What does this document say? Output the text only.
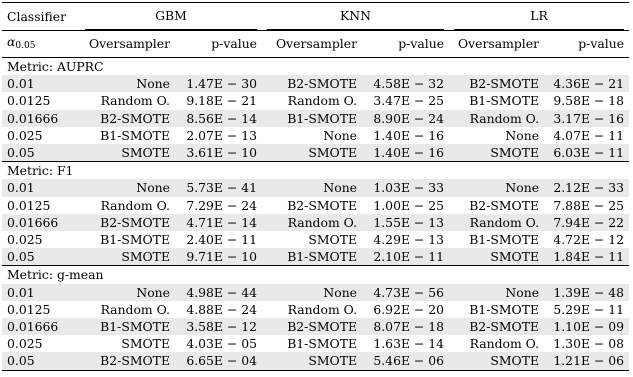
Classifier	GBM		KNN		LR	

$\alpha_{0.05}$	Oversampler	p-value	Oversampler	p-value	Oversampler	p-value
Metric: AUPRC						
0.01	None	1.47E − 30	B2-SMOTE	4.58E − 32	B2-SMOTE	4.36E − 21
0.0125	Random O.	9.18E − 21	Random O.	3.47E − 25	B1-SMOTE	9.58E − 18
0.01666	B2-SMOTE	8.56E − 14	B1-SMOTE	8.90E − 24	Random O.	3.17E − 16
0.025	B1-SMOTE	2.07E − 13	None	1.40E − 16	None	4.07E − 11
0.05	SMOTE	3.61E − 10	SMOTE	1.40E − 16	SMOTE	6.03E − 11
Metric: F1						
0.01	None	5.73E − 41	None	1.03E − 33	None	2.12E − 33
0.0125	Random O.	7.29E − 24	B2-SMOTE	1.00E − 25	B2-SMOTE	7.88E − 25
0.01666	B2-SMOTE	4.71E − 14	Random O.	1.55E − 13	Random O.	7.94E − 22
0.025	B1-SMOTE	2.40E − 11	SMOTE	4.29E − 13	B1-SMOTE	4.72E − 12
0.05	SMOTE	9.71E − 10	B1-SMOTE	2.10E − 11	SMOTE	1.84E − 11
Metric: g-mean						
0.01	None	4.98E − 44	None	4.73E − 56	None	1.39E − 48
0.0125	Random O.	4.88E − 24	Random O.	6.92E − 20	B1-SMOTE	5.29E − 11
0.01666	B1-SMOTE	3.58E − 12	B2-SMOTE	8.07E − 18	B2-SMOTE	1.10E − 09
0.025	SMOTE	4.03E − 05	B1-SMOTE	1.63E − 14	Random O.	1.30E − 08
0.05	B2-SMOTE	6.65E − 04	SMOTE	5.46E − 06	SMOTE	1.21E − 06
